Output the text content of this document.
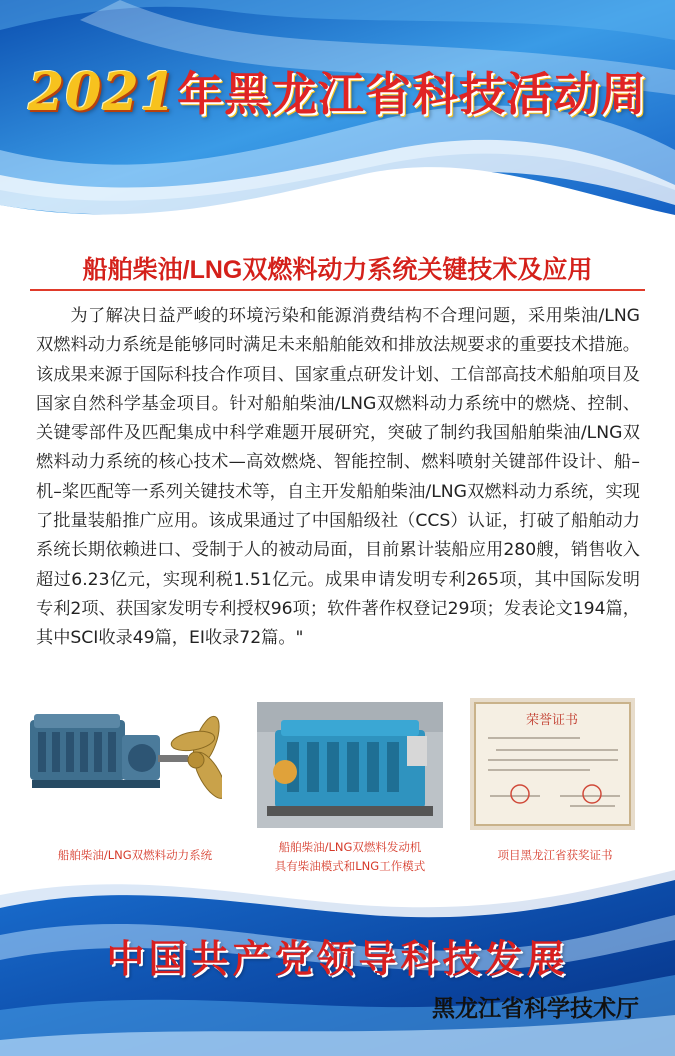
2021年黑龙江省科技活动周
船舶柴油/LNG双燃料动力系统关键技术及应用
为了解决日益严峻的环境污染和能源消费结构不合理问题，采用柴油/LNG双燃料动力系统是能够同时满足未来船舶能效和排放法规要求的重要技术措施。该成果来源于国际科技合作项目、国家重点研发计划、工信部高技术船舶项目及国家自然科学基金项目。针对船舶柴油/LNG双燃料动力系统中的燃烧、控制、关键零部件及匹配集成中科学难题开展研究，突破了制约我国船舶柴油/LNG双燃料动力系统的核心技术—高效燃烧、智能控制、燃料喷射关键部件设计、船–机–桨匹配等一系列关键技术等，自主开发船舶柴油/LNG双燃料动力系统，实现了批量装船推广应用。该成果通过了中国船级社（CCS）认证，打破了船舶动力系统长期依赖进口、受制于人的被动局面，目前累计装船应用280艘，销售收入超过6.23亿元，实现利税1.51亿元。成果申请发明专利265项，其中国际发明专利2项、获国家发明专利授权96项；软件著作权登记29项；发表论文194篇，其中SCI收录49篇，EI收录72篇。"
荣誉证书
船舶柴油/LNG双燃料动力系统
船舶柴油/LNG双燃料发动机
具有柴油模式和LNG工作模式
项目黑龙江省获奖证书
中国共产党领导科技发展
黑龙江省科学技术厅
